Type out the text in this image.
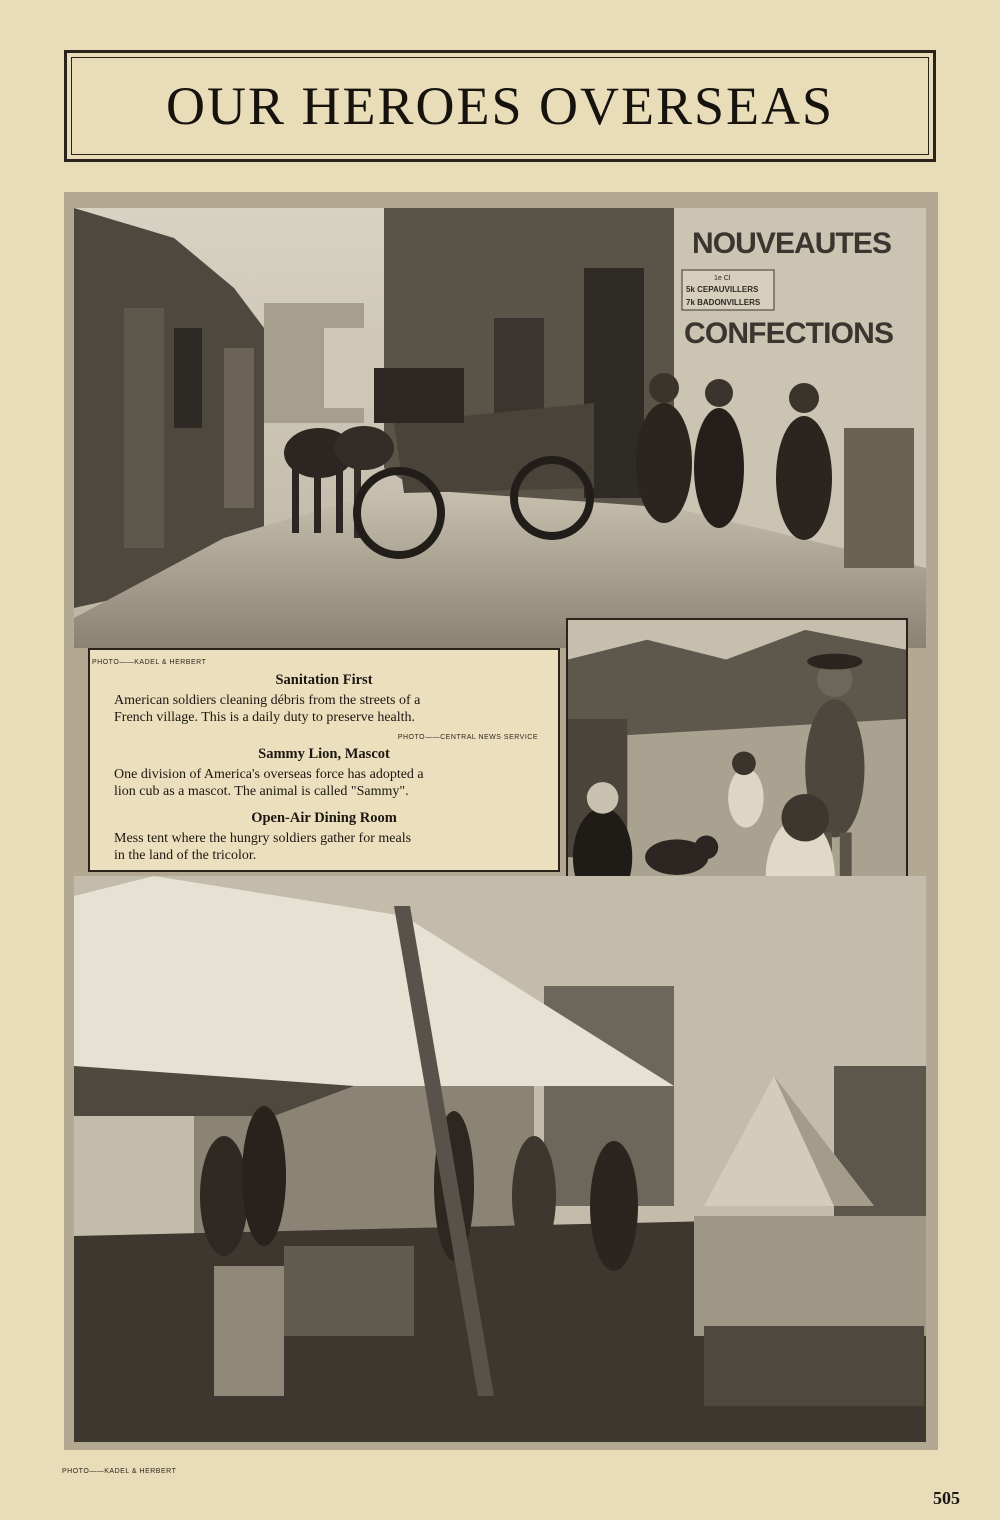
OUR HEROES OVERSEAS
NOUVEAUTES
CONFECTIONS
1e Cl
5k CEPAUVILLERS
7k BADONVILLERS
PHOTO——KADEL & HERBERT
Sanitation First
American soldiers cleaning débris from the streets of a
French village. This is a daily duty to preserve health.
PHOTO——CENTRAL NEWS SERVICE
Sammy Lion, Mascot
One division of America's overseas force has adopted a
lion cub as a mascot. The animal is called "Sammy".
Open-Air Dining Room
Mess tent where the hungry soldiers gather for meals
in the land of the tricolor.
PHOTO——KADEL & HERBERT
505
